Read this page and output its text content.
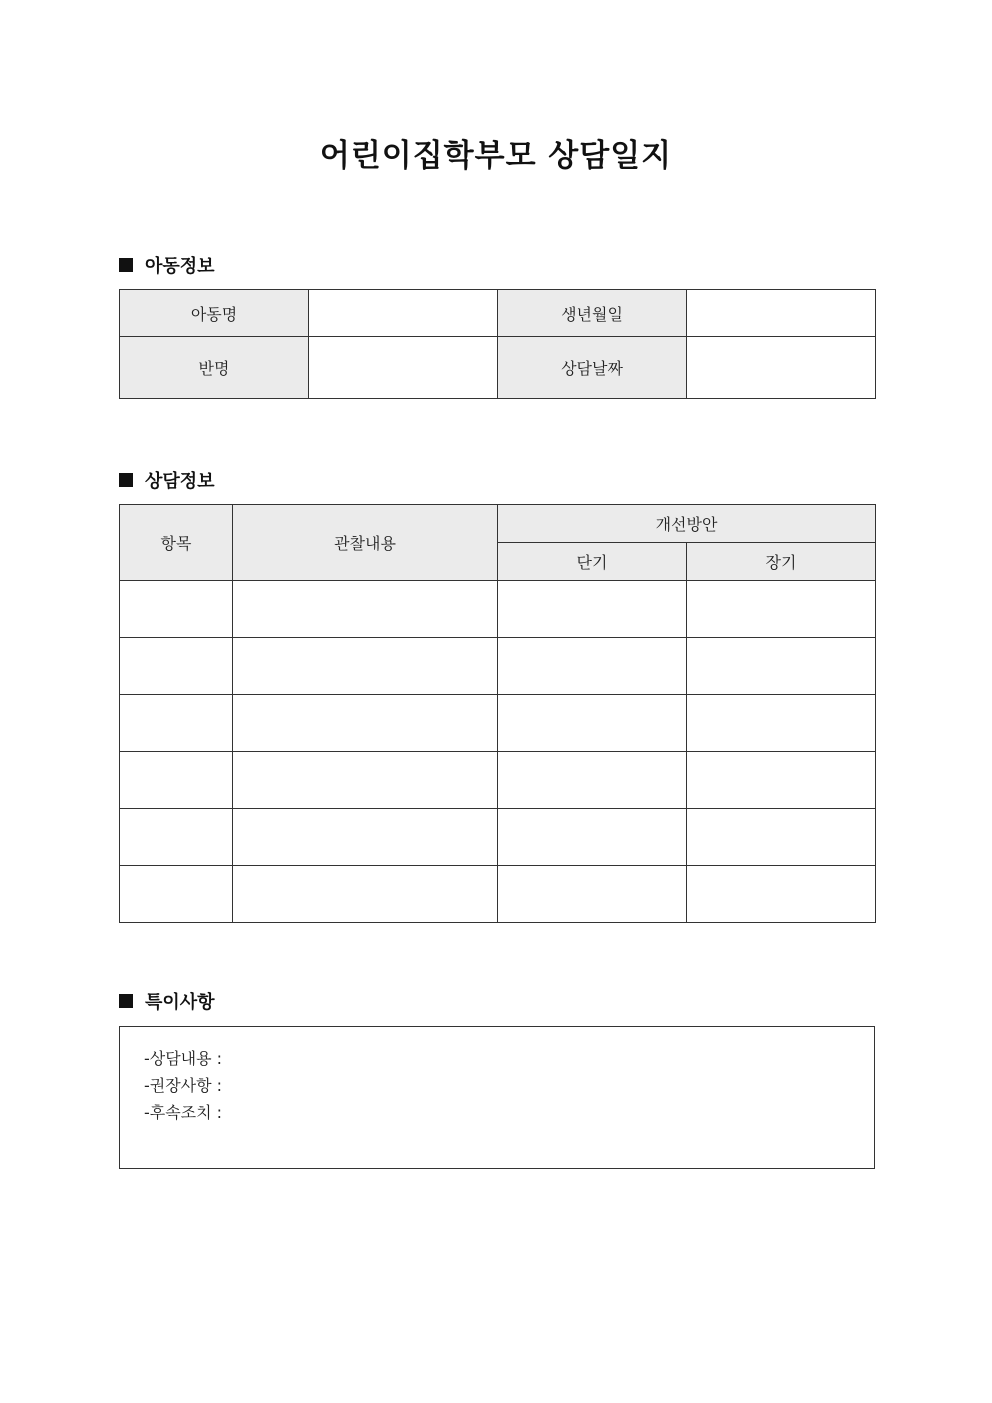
어린이집학부모 상담일지
아동정보
아동명		생년월일	
반명		상담날짜	
상담정보
항목	관찰내용	개선방안	
		단기	장기

특이사항
-상담내용 :
-권장사항 :
-후속조치 :
